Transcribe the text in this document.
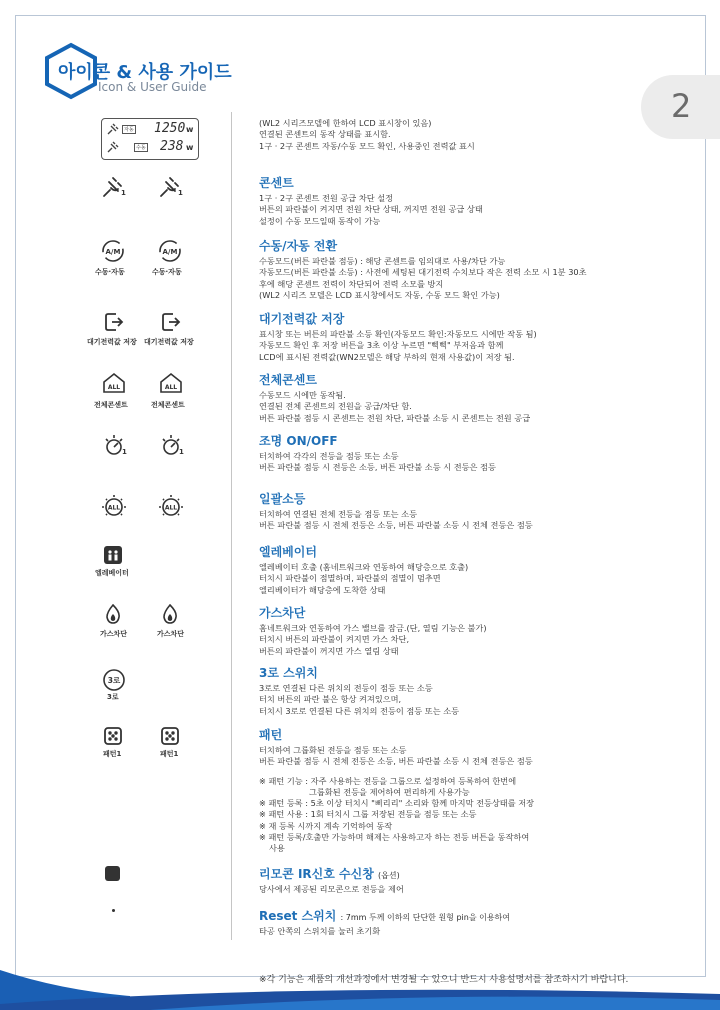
아이콘 & 사용 가이드
Icon & User Guide	2
자동 1250 w
수동 238 w
1	1
A/M
수동·자동
A/M
수동·자동
대기전력값 저장 대기전력값 저장
ALL
전체콘센트
ALL
전체콘센트
1	1
ALL	ALL
엘레베이터
가스차단	가스차단
3로
3로
패턴1	패턴1
(WL2 시리즈모델에 한하여 LCD 표시창이 있음)
연결된 콘센트의 동작 상태를 표시함.
1구 · 2구 콘센트 자동/수동 모드 확인, 사용중인 전력값 표시
콘센트
1구 · 2구 콘센트 전원 공급 차단 설정
버튼의 파란불이 켜지면 전원 차단 상태, 꺼지면 전원 공급 상태
설정이 수동 모드일때 동작이 가능
수동/자동 전환
수동모드(버튼 파란불 점등) : 해당 콘센트를 임의대로 사용/차단 가능
자동모드(버튼 파란불 소등) : 사전에 세팅된 대기전력 수치보다 작은 전력 소모 시 1분 30초
후에 해당 콘센트 전력이 차단되어 전력 소모를 방지
(WL2 시리즈 모델은 LCD 표시창에서도 자동, 수동 모드 확인 가능)
대기전력값 저장
표시창 또는 버튼의 파란불 소등 확인(자동모드 확인:자동모드 시에만 작동 됨)
자동모드 확인 후 저장 버튼을 3초 이상 누르면 "삑삑" 부저음과 함께
LCD에 표시된 전력값(WN2모델은 해당 부하의 현재 사용값)이 저장 됨.
전체콘센트
수동모드 시에만 동작됨.
연결된 전체 콘센트의 전원을 공급/차단 함.
버튼 파란불 점등 시 콘센트는 전원 차단, 파란불 소등 시 콘센트는 전원 공급
조명 ON/OFF
터치하여 각각의 전등을 점등 또는 소등
버튼 파란불 점등 시 전등은 소등, 버튼 파란불 소등 시 전등은 점등
일괄소등
터치하여 연결된 전체 전등을 점등 또는 소등
버튼 파란불 점등 시 전체 전등은 소등, 버튼 파란불 소등 시 전체 전등은 점등
엘레베이터
엘레베이터 호출 (홈네트워크와 연동하여 해당층으로 호출)
터치시 파란불이 점멸하며, 파란불의 점멸이 멈추면
엘리베이터가 해당층에 도착한 상태
가스차단
홈네트워크와 연동하여 가스 밸브를 잠금.(단, 열림 기능은 불가)
터치시 버튼의 파란불이 켜지면 가스 차단,
버튼의 파란불이 꺼지면 가스 열림 상태
3로 스위치
3로로 연결된 다른 위치의 전등이 점등 또는 소등
터치 버튼의 파란 불은 항상 켜져있으며,
터치시 3로로 연결된 다른 위치의 전등이 점등 또는 소등
패턴
터치하여 그룹화된 전등을 점등 또는 소등
버튼 파란불 점등 시 전체 전등은 소등, 버튼 파란불 소등 시 전체 전등은 점등
※ 패턴 기능 : 자주 사용하는 전등을 그룹으로 설정하여 등록하여 한번에
그룹화된 전등을 제어하여 편리하게 사용가능
※ 패턴 등록 : 5초 이상 터치시 "삐리리" 소리와 함께 마지막 전등상태를 저장
※ 패턴 사용 : 1회 터치시 그룹 저장된 전등을 점등 또는 소등
※ 재 등록 시까지 계속 기억하여 동작
※ 패턴 등록/호출만 가능하며 해제는 사용하고자 하는 전등 버튼을 동작하여
사용
리모콘 IR신호 수신창 (옵션)
당사에서 제공된 리모콘으로 전등을 제어
Reset 스위치 : 7mm 두께 이하의 단단한 원형 pin을 이용하여
타공 안쪽의 스위치를 눌러 초기화
※각 기능은 제품의 개선과정에서 변경될 수 있으니 반드시 사용설명서를 참조하시기 바랍니다.
